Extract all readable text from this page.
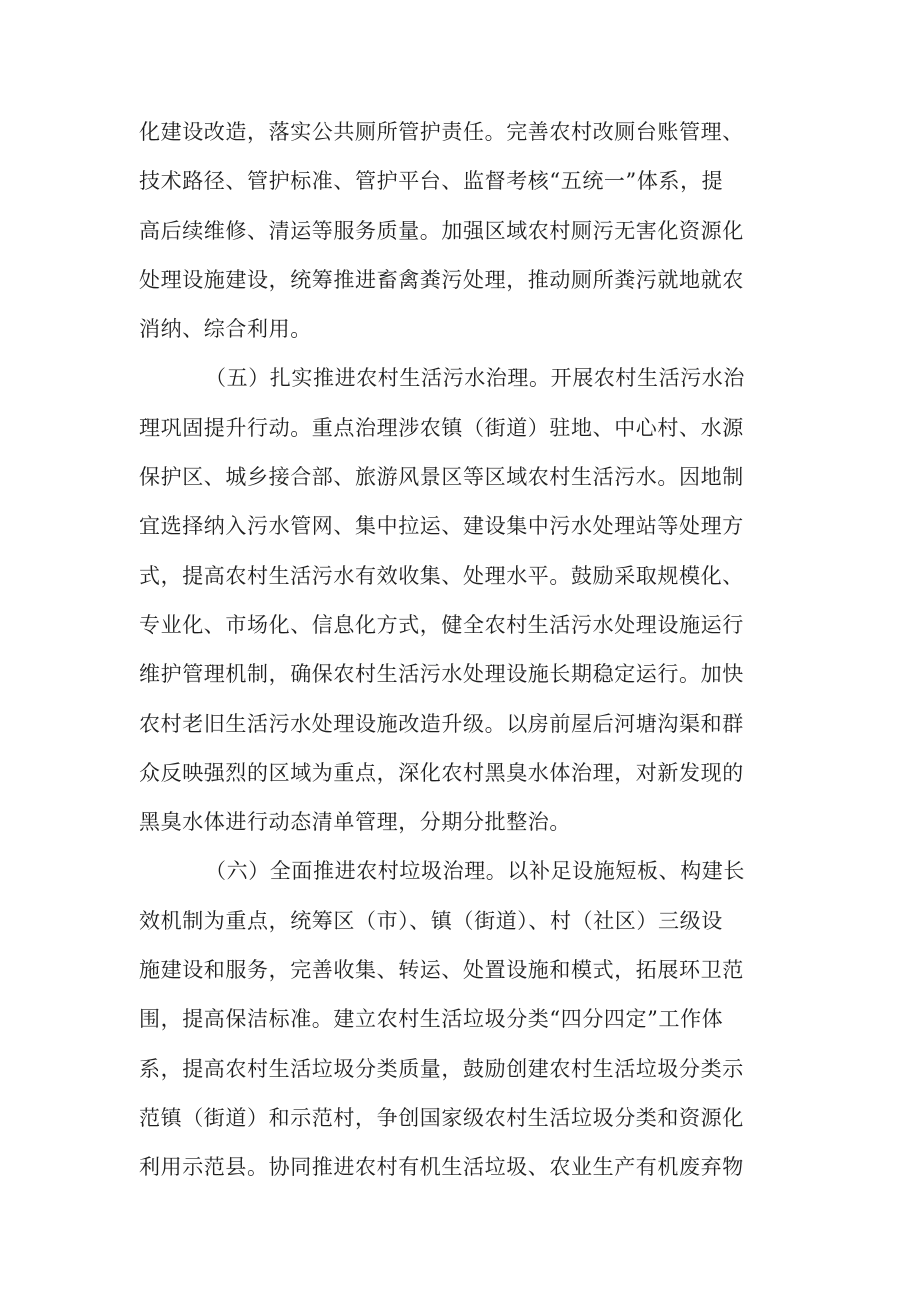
化建设改造，落实公共厕所管护责任。完善农村改厕台账管理、
技术路径、管护标准、管护平台、监督考核“五统一”体系，提
高后续维修、清运等服务质量。加强区域农村厕污无害化资源化
处理设施建设，统筹推进畜禽粪污处理，推动厕所粪污就地就农
消纳、综合利用。
（五）扎实推进农村生活污水治理。开展农村生活污水治
理巩固提升行动。重点治理涉农镇（街道）驻地、中心村、水源
保护区、城乡接合部、旅游风景区等区域农村生活污水。因地制
宜选择纳入污水管网、集中拉运、建设集中污水处理站等处理方
式，提高农村生活污水有效收集、处理水平。鼓励采取规模化、
专业化、市场化、信息化方式，健全农村生活污水处理设施运行
维护管理机制，确保农村生活污水处理设施长期稳定运行。加快
农村老旧生活污水处理设施改造升级。以房前屋后河塘沟渠和群
众反映强烈的区域为重点，深化农村黑臭水体治理，对新发现的
黑臭水体进行动态清单管理，分期分批整治。
（六）全面推进农村垃圾治理。以补足设施短板、构建长
效机制为重点，统筹区（市）、镇（街道）、村（社区）三级设
施建设和服务，完善收集、转运、处置设施和模式，拓展环卫范
围，提高保洁标准。建立农村生活垃圾分类“四分四定”工作体
系，提高农村生活垃圾分类质量，鼓励创建农村生活垃圾分类示
范镇（街道）和示范村，争创国家级农村生活垃圾分类和资源化
利用示范县。协同推进农村有机生活垃圾、农业生产有机废弃物
